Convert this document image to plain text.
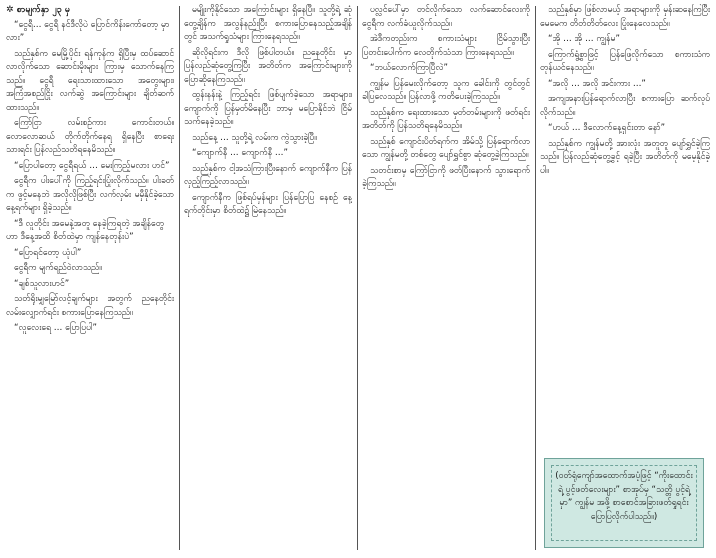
✲ စာမျက်နှာ ၂၃ မှ

“ငွေရီ… ငွေရီ နင်ဒီလိုပဲ ပြောင်ကိန်းကော်တော့ မှာလား”

သည်နှစ်က မေမြို့ပိုင်း ရန်ကုန်က ရှိပြီးမှ ထပ်ဆောင်လာလိုက်သော ဆောင်းမိုးများ ကြားမှ သောက်နေကြသည်။ ငွေရီ ရေးသားထားသော အတွေးများ၊ အကြံအစည်ငြိုး လက်ဆွဲ အကြောင်းများ ချိတ်ဆက်ထားသည်။

ကြော်ငြာ လမ်းစဉ်ကား ကောင်းတယ်။ လောလောဆယ် တိုက်တိုက်နေရ ရှိနေပြီး စာရေးသားရင်း ပြန်လည်သတိရနေမိသည်။

“ပြောပါတော့ ငွေရီရယ် … မေးကြည့်မလား ဟင်”

ငွေရီက ပါးပေါ်ကို ကြည့်ရင်းပြုံးလိုက်သည်။ ပါးခတ်က ဖွင့်မနေဘဲ အလိုလိုဖြစ်ပြီး လက်လှမ်း မမှီနိုင်ခဲ့သော နေ့ရက်များ ရှိခဲ့သည်။

“ဒီ လူတိုင်း အမေနဲ့အတူ နေခဲ့ကြရတဲ့ အချိန်တွေဟာ ဒီနေ့အထိ စိတ်ထဲမှာ ကျန်နေတုန်းပဲ”

“ပြောရင်တော့ ယုံပါ”

ငွေရီက မျက်ရည်ဝဲလာသည်။

“ချစ်သူလားဟင်”

သတ်ရိုးမျှမြော်လင့်ချက်များ အတွက် ညနေတိုင်း လမ်းလျှောက်ရင်း စကားပြောနေကြသည်။

“လူလေးရေ … ပြောပြပါ”

မမျိုးကိုနိုင်သော အကြောင်းများ ရှိနေပြီ။ သူတို့ရဲ့ ဆုံတွေ့ချိန်က အလွန်နည်းပြီး စကားပြောနေသည့်အချိန်တွင် အသက်ရှုသံများ ကြားနေရသည်။

ဆိုလိုရင်းက ဒီလို ဖြစ်ပါတယ်။ ညနေတိုင်း မှာ ပြန်လည်ဆုံတွေ့ကြပြီး အတိတ်က အကြောင်းများကို ပြောဆိုနေကြသည်။

ထွန်းနန်းနဲ့ ကြည့်ရင်း ဖြစ်ပျက်ခဲ့သော အရာများ၊ ကျောက်ကို ပြန်မှတ်မိနေပြီး ဘာမှ မပြောနိုင်ဘဲ ငြိမ်သက်နေခဲ့သည်။

သည်နေ့ … သူတို့ရဲ့ လမ်းက ကွဲသွားခဲ့ပြီ။

“ကျောက်နီ … ကျောက်နီ …”

သည်နှစ်က ငါ့အသံကြားပြီးနောက် ကျောက်နီက ပြန်လှည့်ကြည့်လာသည်။

ကျောက်နီက ဖြစ်ရပ်မှန်များ ပြန်ပြောပြ နေစဉ် နေ့ရက်တိုင်းမှာ စိတ်ထဲ၌ မြဲနေသည်။

ပလ္လင်ပေါ်မှာ တင်လိုက်သော လက်ဆောင်လေးကို ငွေရီက လက်ခံယူလိုက်သည်။

အဲဒီကတည်းက စကားသံများ ငြိမ်သွားပြီး ပြတင်းပေါက်က လေတိုက်သံသာ ကြားနေရသည်။

“ဘယ်လောက်ကြာပြီလဲ”

ကျွန်မ ပြန်မေးလိုက်တော့ သူက ခေါင်းကို တွင်တွင် ခါပြလေသည်။ ပြန်လာဖို့ ကတိပေးခဲ့ကြသည်။

သည်နှစ်က ရေးထားသော မှတ်တမ်းများကို ဖတ်ရင်း အတိတ်ကို ပြန်သတိရနေမိသည်။

သည်နှစ် ကျောင်းပိတ်ရက်က အိမ်သို့ ပြန်ရောက်လာသော ကျွန်မတို့ တစ်တွေ ပျော်ရွှင်စွာ ဆုံတွေ့ခဲ့ကြသည်။

သတင်းစာမှ ကြော်ငြာကို ဖတ်ပြီးနောက် သွားရောက်ခဲ့ကြသည်။

သည်နှစ်မှာ ဖြစ်လာမယ့် အရာများကို မှန်းဆနေကြပြီး မေမေက တိတ်တိတ်လေး ပြုံးနေလေသည်။

“အို … အို … ကျွန်မ”

ကြောက်ရွံ့စွာဖြင့် ပြန်ဖြေလိုက်သော စကားသံက တုန်ယင်နေသည်။

“အလို … အလို အင်းကား …”

အကျအနားပြန်ရောက်လာပြီး စကားပြော ဆက်လုပ်လိုက်သည်။

“ဟယ် … ဒီလောက်နေ့ရှင်းတာ နော်”

သည်နှစ်က ကျွန်မတို့ အားလုံး အတူတူ ပျော်ရွှင်ခဲ့ကြသည်။ ပြန်လည်ဆုံတွေ့ခွင့် ရခဲ့ပြီး အတိတ်ကို မမေ့နိုင်ခဲ့ပါ။

(ဝတ်ရုံကျော်အထောက်အပံ့ဖြင့် “ကိုးထောင်းရဲ့ ပွင့်ဖတ်လေးများ” စာအုပ်မှ “သတ္တိ ပွင့်ရဲ့ မှာ” ကျွန်မ အဖို့ စာစောင်အခြားဖတ်ရှုရင်း ပြောပြလိုက်ပါသည်။)
